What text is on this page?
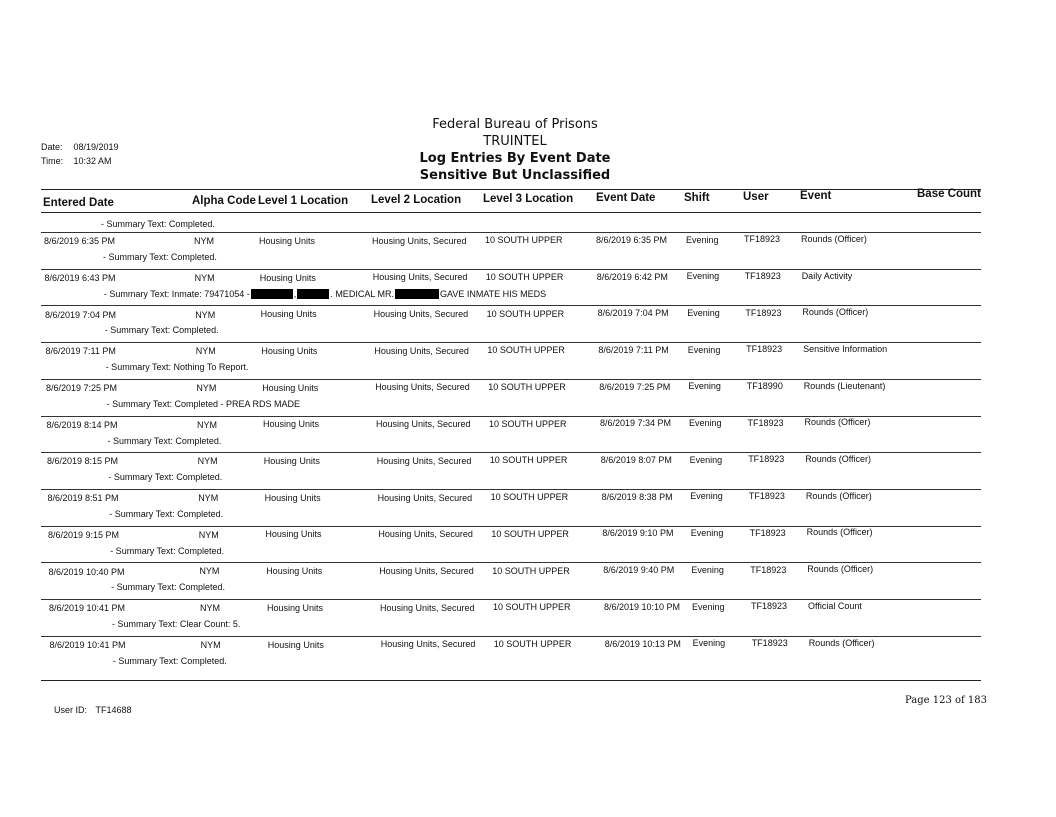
Date: 08/19/2019
Time: 10:32 AM
Federal Bureau of Prisons
TRUINTEL
Log Entries By Event Date
Sensitive But Unclassified
Entered Date	Alpha Code Level 1 Location Level 2 Location Level 3 Location Event Date Shift	User	Event	Base Count
- Summary Text: Completed.
8/6/2019 6:35 PM	NYM	Housing Units	Housing Units, Secured 10 SOUTH UPPER	8/6/2019 6:35 PM Evening	TF18923 Rounds (Officer)
- Summary Text: Completed.
8/6/2019 6:43 PM	NYM	Housing Units	Housing Units, Secured 10 SOUTH UPPER	8/6/2019 6:42 PM Evening	TF18923 Daily Activity
- Summary Text: Inmate: 79471054 -	,	. MEDICAL MR.	GAVE INMATE HIS MEDS
8/6/2019 7:04 PM	NYM	Housing Units	Housing Units, Secured 10 SOUTH UPPER	8/6/2019 7:04 PM Evening	TF18923 Rounds (Officer)
- Summary Text: Completed.
8/6/2019 7:11 PM	NYM	Housing Units	Housing Units, Secured 10 SOUTH UPPER	8/6/2019 7:11 PM Evening	TF18923 Sensitive Information
- Summary Text: Nothing To Report.
8/6/2019 7:25 PM	NYM	Housing Units	Housing Units, Secured 10 SOUTH UPPER	8/6/2019 7:25 PM Evening	TF18990 Rounds (Lieutenant)
- Summary Text: Completed - PREA RDS MADE
8/6/2019 8:14 PM	NYM	Housing Units	Housing Units, Secured 10 SOUTH UPPER	8/6/2019 7:34 PM Evening	TF18923 Rounds (Officer)
- Summary Text: Completed.
8/6/2019 8:15 PM	NYM	Housing Units	Housing Units, Secured 10 SOUTH UPPER	8/6/2019 8:07 PM Evening	TF18923 Rounds (Officer)
- Summary Text: Completed.
8/6/2019 8:51 PM	NYM	Housing Units	Housing Units, Secured 10 SOUTH UPPER	8/6/2019 8:38 PM Evening	TF18923 Rounds (Officer)
- Summary Text: Completed.
8/6/2019 9:15 PM	NYM	Housing Units	Housing Units, Secured 10 SOUTH UPPER	8/6/2019 9:10 PM Evening	TF18923 Rounds (Officer)
- Summary Text: Completed.
8/6/2019 10:40 PM	NYM	Housing Units	Housing Units, Secured 10 SOUTH UPPER	8/6/2019 9:40 PM Evening	TF18923 Rounds (Officer)
- Summary Text: Completed.
8/6/2019 10:41 PM	NYM	Housing Units	Housing Units, Secured 10 SOUTH UPPER	8/6/2019 10:10 PM Evening	TF18923 Official Count
- Summary Text: Clear Count: 5.
8/6/2019 10:41 PM	NYM	Housing Units	Housing Units, Secured 10 SOUTH UPPER	8/6/2019 10:13 PM Evening	TF18923 Rounds (Officer)
- Summary Text: Completed.
User ID: TF14688
Page 123 of 183
